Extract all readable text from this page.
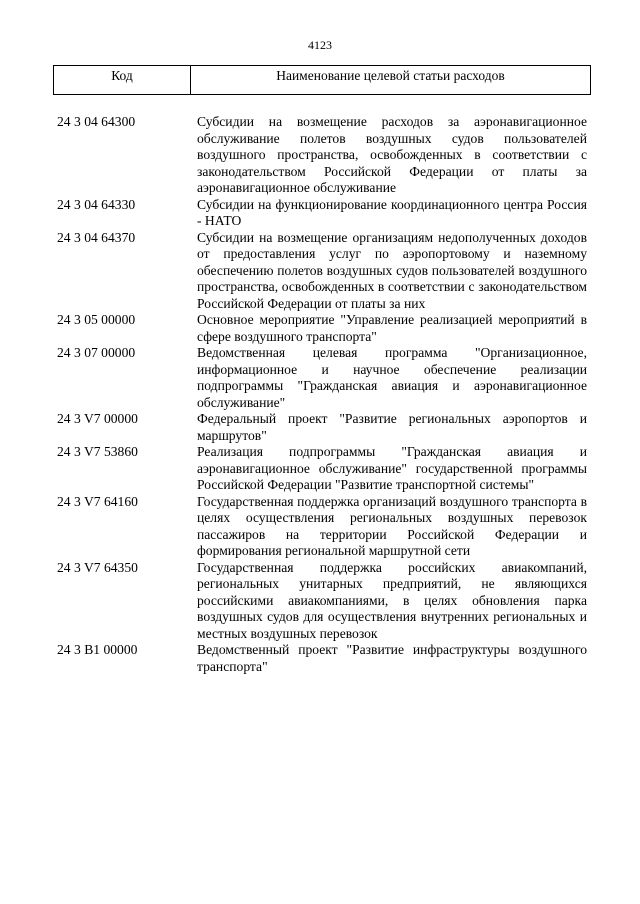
4123
Код	Наименование целевой статьи расходов
24 3 04 64300	Субсидии на возмещение расходов за аэронавигационное обслуживание полетов воздушных судов пользователей воздушного пространства, освобожденных в соответствии с законодательством Российской Федерации от платы за аэронавигационное обслуживание
24 3 04 64330	Субсидии на функционирование координационного центра Россия - НАТО
24 3 04 64370	Субсидии на возмещение организациям недополученных доходов от предоставления услуг по аэропортовому и наземному обеспечению полетов воздушных судов пользователей воздушного пространства, освобожденных в соответствии с законодательством Российской Федерации от платы за них
24 3 05 00000	Основное мероприятие "Управление реализацией мероприятий в сфере воздушного транспорта"
24 3 07 00000	Ведомственная целевая программа "Организационное, информационное и научное обеспечение реализации подпрограммы "Гражданская авиация и аэронавигационное обслуживание"
24 3 V7 00000	Федеральный проект "Развитие региональных аэропортов и маршрутов"
24 3 V7 53860	Реализация подпрограммы "Гражданская авиация и аэронавигационное обслуживание" государственной программы Российской Федерации "Развитие транспортной системы"
24 3 V7 64160	Государственная поддержка организаций воздушного транспорта в целях осуществления региональных воздушных перевозок пассажиров на территории Российской Федерации и формирования региональной маршрутной сети
24 3 V7 64350	Государственная поддержка российских авиакомпаний, региональных унитарных предприятий, не являющихся российскими авиакомпаниями, в целях обновления парка воздушных судов для осуществления внутренних региональных и местных воздушных перевозок
24 3 В1 00000	Ведомственный проект "Развитие инфраструктуры воздушного транспорта"
